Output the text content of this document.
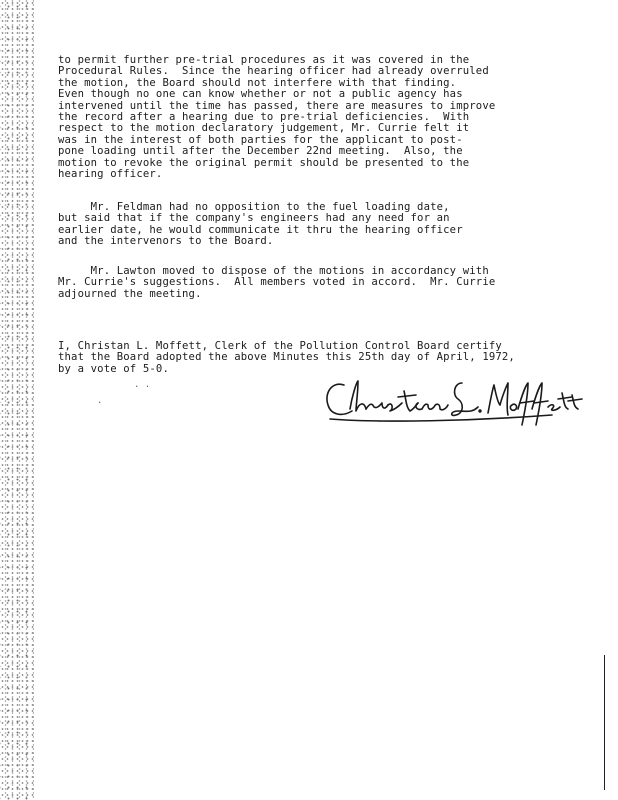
to permit further pre-trial procedures as it was covered in the
Procedural Rules.  Since the hearing officer had already overruled
the motion, the Board should not interfere with that finding.
Even though no one can know whether or not a public agency has
intervened until the time has passed, there are measures to improve
the record after a hearing due to pre-trial deficiencies.  With
respect to the motion declaratory judgement, Mr. Currie felt it
was in the interest of both parties for the applicant to post-
pone loading until after the December 22nd meeting.  Also, the
motion to revoke the original permit should be presented to the
hearing officer.
Mr. Feldman had no opposition to the fuel loading date,
but said that if the company's engineers had any need for an
earlier date, he would communicate it thru the hearing officer
and the intervenors to the Board.
Mr. Lawton moved to dispose of the motions in accordancy with
Mr. Currie's suggestions.  All members voted in accord.  Mr. Currie
adjourned the meeting.
I, Christan L. Moffett, Clerk of the Pollution Control Board certify
that the Board adopted the above Minutes this 25th day of April, 1972,
by a vote of 5-0.
· ·
·
